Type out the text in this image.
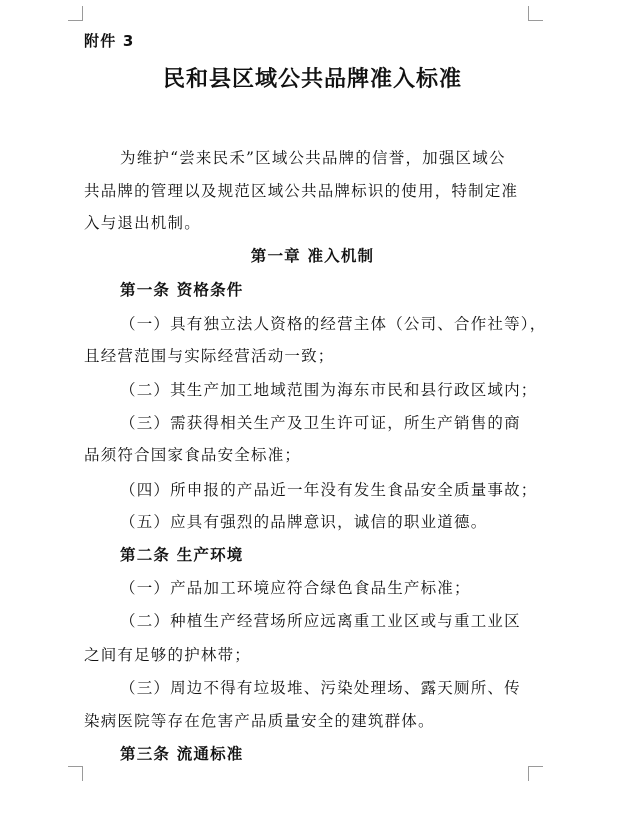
附件 3
民和县区域公共品牌准入标准
为维护“尝来民禾”区域公共品牌的信誉，加强区域公
共品牌的管理以及规范区域公共品牌标识的使用，特制定准
入与退出机制。
第一章 准入机制
第一条 资格条件
（一）具有独立法人资格的经营主体（公司、合作社等），
且经营范围与实际经营活动一致；
（二）其生产加工地域范围为海东市民和县行政区域内；
（三）需获得相关生产及卫生许可证，所生产销售的商
品须符合国家食品安全标准；
（四）所申报的产品近一年没有发生食品安全质量事故；
（五）应具有强烈的品牌意识，诚信的职业道德。
第二条 生产环境
（一）产品加工环境应符合绿色食品生产标准；
（二）种植生产经营场所应远离重工业区或与重工业区
之间有足够的护林带；
（三）周边不得有垃圾堆、污染处理场、露天厕所、传
染病医院等存在危害产品质量安全的建筑群体。
第三条 流通标准
